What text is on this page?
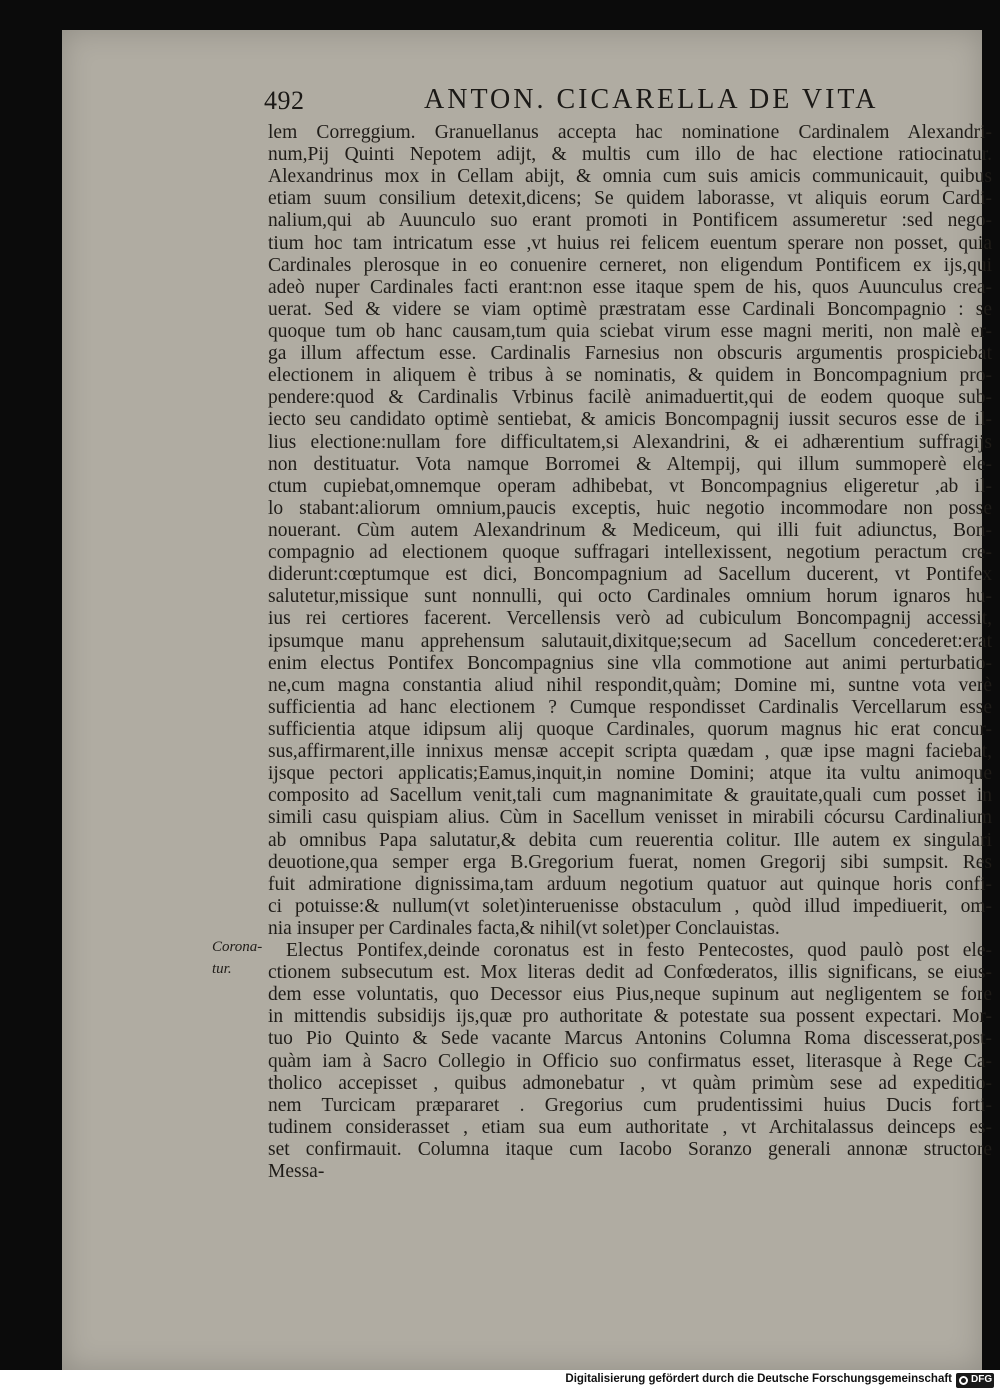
492	ANTON. CICARELLA DE VITA
Corona-
tur.
lem Correggium. Granuellanus accepta hac nominatione Cardinalem Alexandri-
num,Pij Quinti Nepotem adijt, & multis cum illo de hac electione ratiocinatur.
Alexandrinus mox in Cellam abijt, & omnia cum suis amicis communicauit, quibus
etiam suum consilium detexit,dicens; Se quidem laborasse, vt aliquis eorum Cardi-
nalium,qui ab Auunculo suo erant promoti in Pontificem assumeretur :sed nego-
tium hoc tam intricatum esse ,vt huius rei felicem euentum sperare non posset, quia
Cardinales plerosque in eo conuenire cerneret, non eligendum Pontificem ex ijs,qui
adeò nuper Cardinales facti erant:non esse itaque spem de his, quos Auunculus crea-
uerat. Sed & videre se viam optimè præstratam esse Cardinali Boncompagnio : se
quoque tum ob hanc causam,tum quia sciebat virum esse magni meriti, non malè er-
ga illum affectum esse. Cardinalis Farnesius non obscuris argumentis prospiciebat
electionem in aliquem è tribus à se nominatis, & quidem in Boncompagnium pro-
pendere:quod & Cardinalis Vrbinus facilè animaduertit,qui de eodem quoque sub-
iecto seu candidato optimè sentiebat, & amicis Boncompagnij iussit securos esse de il-
lius electione:nullam fore difficultatem,si Alexandrini, & ei adhærentium suffragijs
non destituatur. Vota namque Borromei & Altempij, qui illum summoperè ele-
ctum cupiebat,omnemque operam adhibebat, vt Boncompagnius eligeretur ,ab il-
lo stabant:aliorum omnium,paucis exceptis, huic negotio incommodare non posse
nouerant. Cùm autem Alexandrinum & Mediceum, qui illi fuit adiunctus, Bon-
compagnio ad electionem quoque suffragari intellexissent, negotium peractum cre-
diderunt:cœptumque est dici, Boncompagnium ad Sacellum ducerent, vt Pontifex
salutetur,missique sunt nonnulli, qui octo Cardinales omnium horum ignaros hu-
ius rei certiores facerent. Vercellensis verò ad cubiculum Boncompagnij accessit,
ipsumque manu apprehensum salutauit,dixitque;secum ad Sacellum concederet:erat
enim electus Pontifex Boncompagnius sine vlla commotione aut animi perturbatio-
ne,cum magna constantia aliud nihil respondit,quàm; Domine mi, suntne vota verè
sufficientia ad hanc electionem ? Cumque respondisset Cardinalis Vercellarum esse
sufficientia atque idipsum alij quoque Cardinales, quorum magnus hic erat concur-
sus,affirmarent,ille innixus mensæ accepit scripta quædam , quæ ipse magni faciebat,
ijsque pectori applicatis;Eamus,inquit,in nomine Domini; atque ita vultu animoque
composito ad Sacellum venit,tali cum magnanimitate & grauitate,quali cum posset in
simili casu quispiam alius. Cùm in Sacellum venisset in mirabili cócursu Cardinalium
ab omnibus Papa salutatur,& debita cum reuerentia colitur. Ille autem ex singulari
deuotione,qua semper erga B.Gregorium fuerat, nomen Gregorij sibi sumpsit. Res
fuit admiratione dignissima,tam arduum negotium quatuor aut quinque horis confi-
ci potuisse:& nullum(vt solet)interuenisse obstaculum , quòd illud impediuerit, om-
nia insuper per Cardinales facta,& nihil(vt solet)per Conclauistas.
Electus Pontifex,deinde coronatus est in festo Pentecostes, quod paulò post ele-
ctionem subsecutum est. Mox literas dedit ad Confœderatos, illis significans, se eius-
dem esse voluntatis, quo Decessor eius Pius,neque supinum aut negligentem se fore
in mittendis subsidijs ijs,quæ pro authoritate & potestate sua possent expectari. Mor-
tuo Pio Quinto & Sede vacante Marcus Antonins Columna Roma discesserat,post-
quàm iam à Sacro Collegio in Officio suo confirmatus esset, literasque à Rege Ca-
tholico accepisset , quibus admonebatur , vt quàm primùm sese ad expeditio-
nem Turcicam præpararet . Gregorius cum prudentissimi huius Ducis forti-
tudinem considerasset , etiam sua eum authoritate , vt Architalassus deinceps es-
set confirmauit. Columna itaque cum Iacobo Soranzo generali annonæ structore
Messa-
Digitalisierung gefördert durch die Deutsche Forschungsgemeinschaft DFG
